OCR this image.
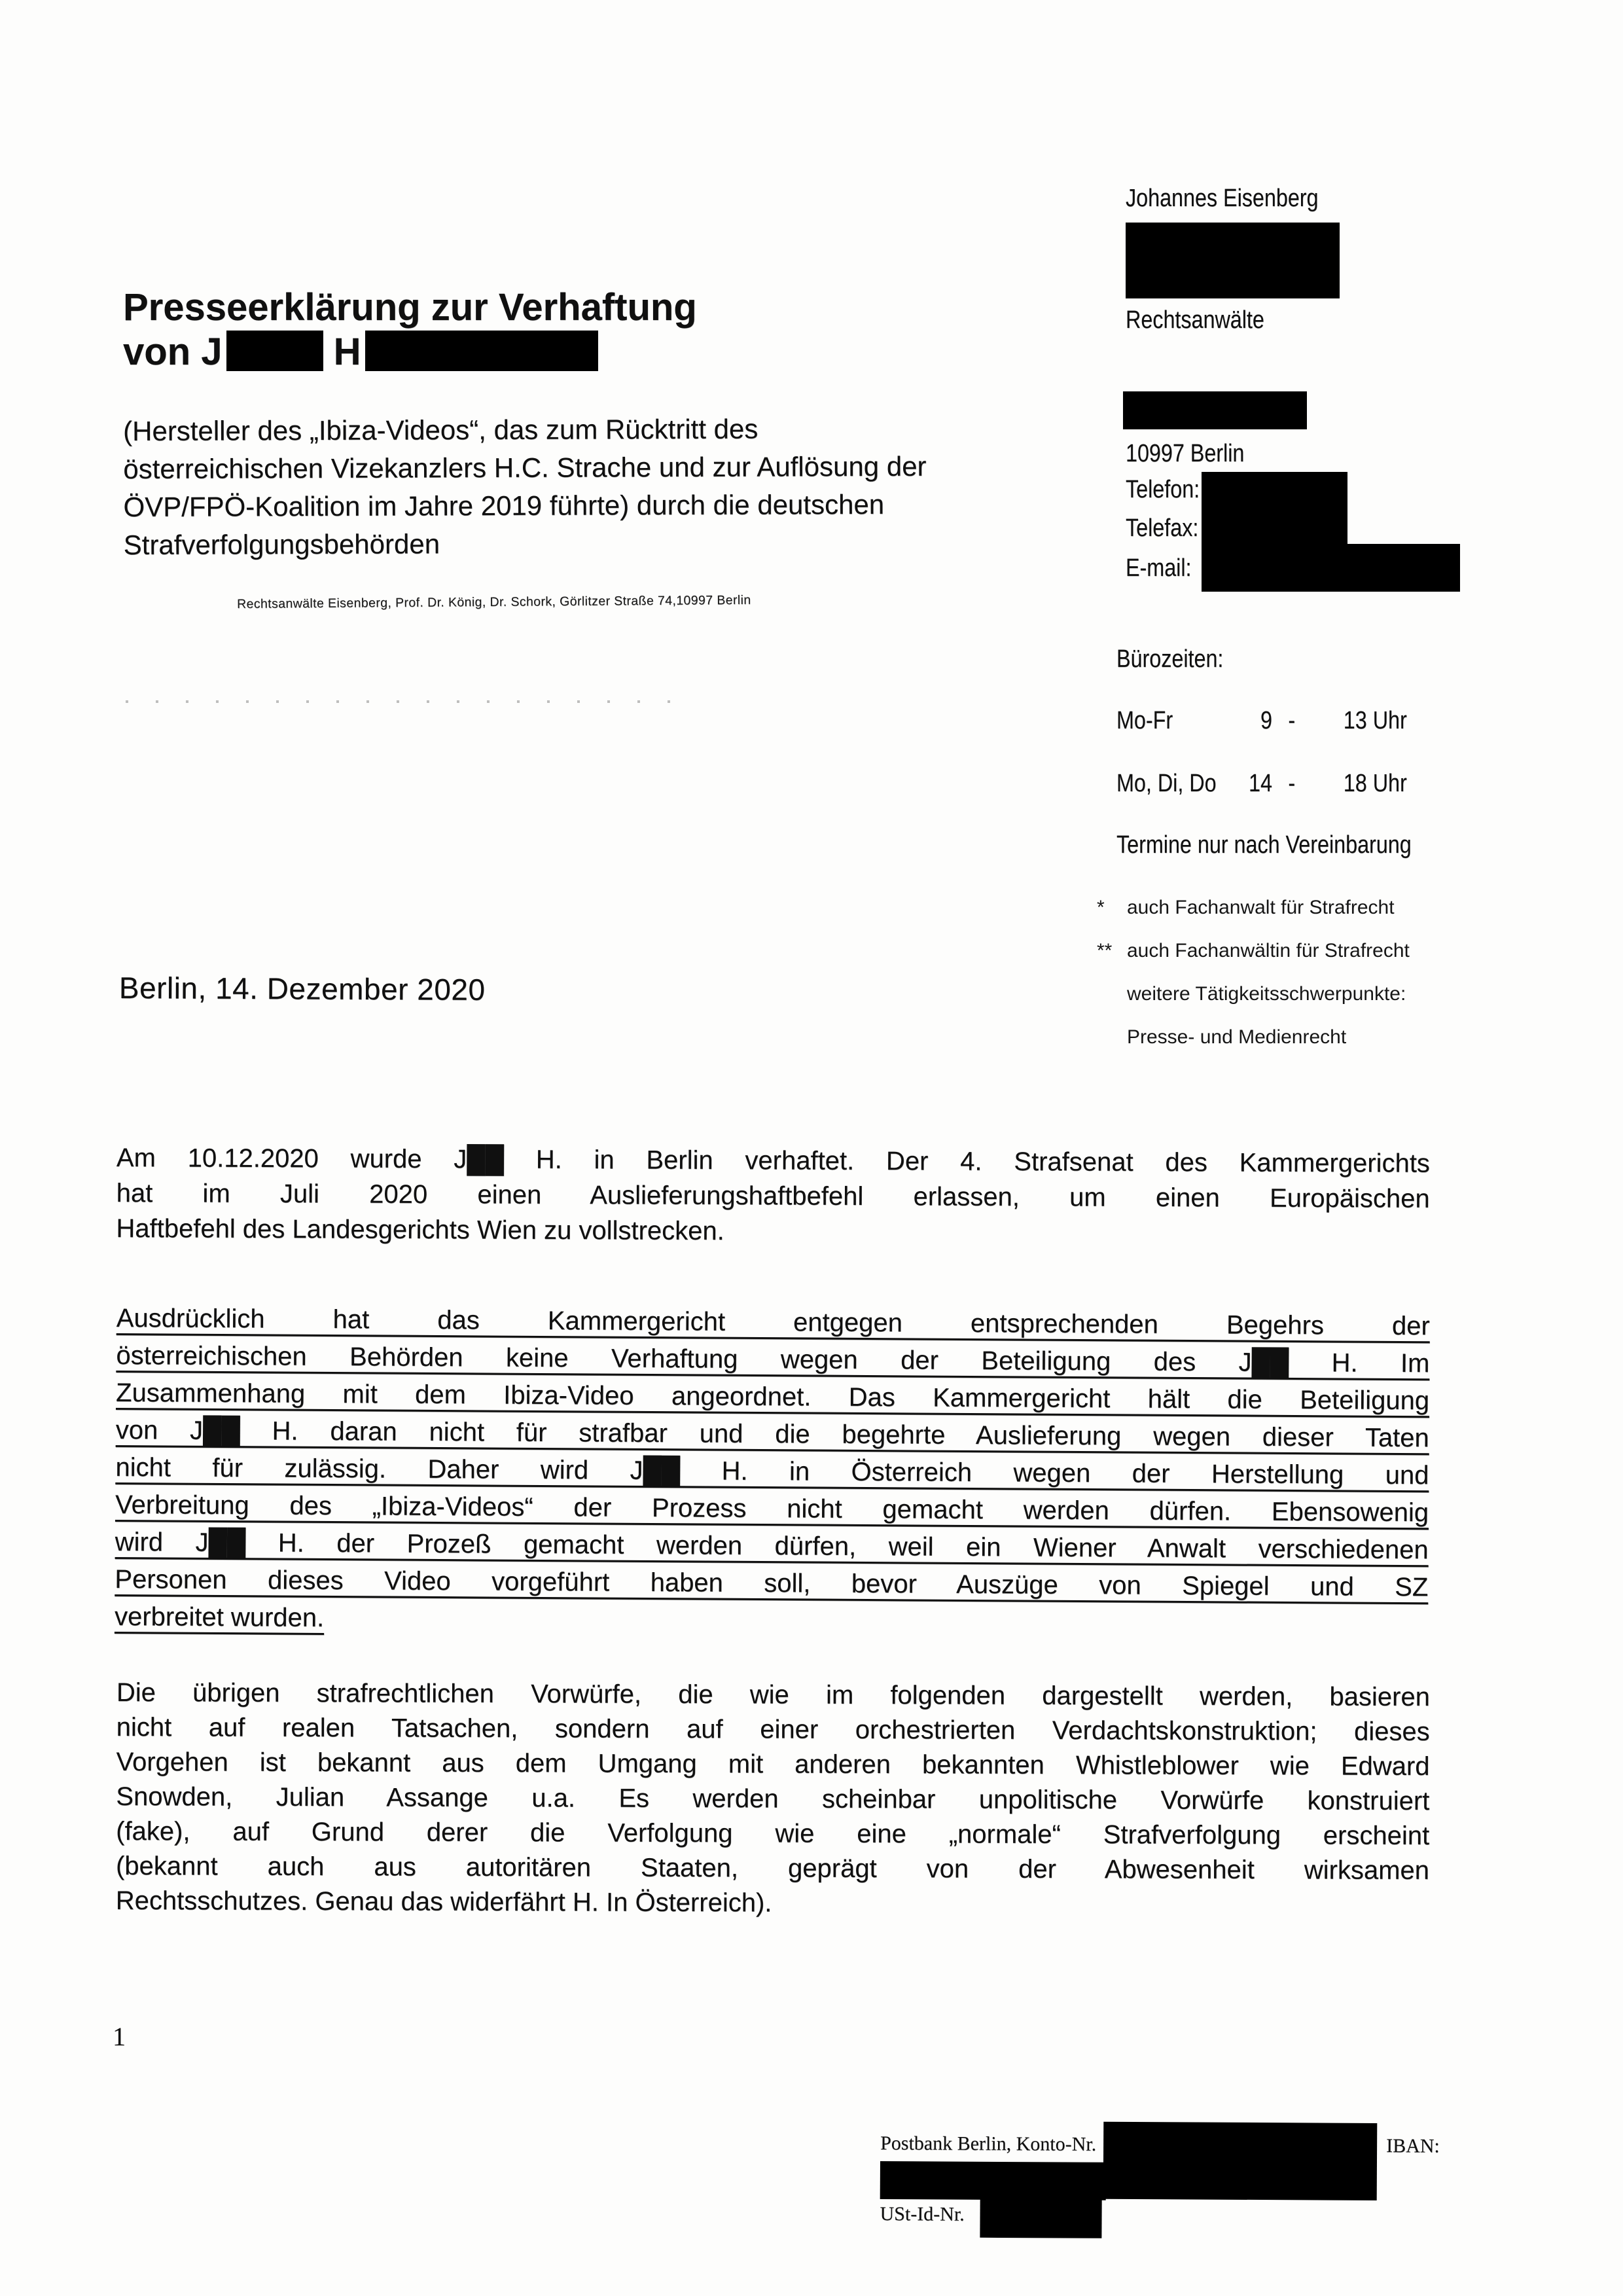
Johannes Eisenberg
Rechtsanwälte
10997 Berlin
Telefon:
Telefax:
E-mail:
Bürozeiten:
Mo-Fr	9 -	13 Uhr
Mo, Di, Do	14 -	18 Uhr
Termine nur nach Vereinbarung
* auch Fachanwalt für Strafrecht
** auch Fachanwältin für Strafrecht
weitere Tätigkeitsschwerpunkte:
Presse- und Medienrecht
Presseerklärung zur Verhaftung
von J	H
(Hersteller des „Ibiza-Videos“, das zum Rücktritt des
österreichischen Vizekanzlers H.C. Strache und zur Auflösung der
ÖVP/FPÖ-Koalition im Jahre 2019 führte) durch die deutschen
Strafverfolgungsbehörden
Rechtsanwälte Eisenberg, Prof. Dr. König, Dr. Schork, Görlitzer Straße 74,10997 Berlin
Berlin, 14. Dezember 2020
Am 10.12.2020 wurde J██ H. in Berlin verhaftet. Der 4. Strafsenat des Kammergerichts
hat im Juli 2020 einen Auslieferungshaftbefehl erlassen, um einen Europäischen
Haftbefehl des Landesgerichts Wien zu vollstrecken.
Ausdrücklich hat das Kammergericht entgegen entsprechenden Begehrs der
österreichischen Behörden keine Verhaftung wegen der Beteiligung des J██ H. Im
Zusammenhang mit dem Ibiza-Video angeordnet. Das Kammergericht hält die Beteiligung
von J██ H. daran nicht für strafbar und die begehrte Auslieferung wegen dieser Taten
nicht für zulässig. Daher wird J██ H. in Österreich wegen der Herstellung und
Verbreitung des „Ibiza-Videos“ der Prozess nicht gemacht werden dürfen. Ebensowenig
wird J██ H. der Prozeß gemacht werden dürfen, weil ein Wiener Anwalt verschiedenen
Personen dieses Video vorgeführt haben soll, bevor Auszüge von Spiegel und SZ
verbreitet wurden.
Die übrigen strafrechtlichen Vorwürfe, die wie im folgenden dargestellt werden, basieren
nicht auf realen Tatsachen, sondern auf einer orchestrierten Verdachtskonstruktion; dieses
Vorgehen ist bekannt aus dem Umgang mit anderen bekannten Whistleblower wie Edward
Snowden, Julian Assange u.a. Es werden scheinbar unpolitische Vorwürfe konstruiert
(fake), auf Grund derer die Verfolgung wie eine „normale“ Strafverfolgung erscheint
(bekannt auch aus autoritären Staaten, geprägt von der Abwesenheit wirksamen
Rechtsschutzes. Genau das widerfährt H. In Österreich).
1
Postbank Berlin, Konto-Nr.	IBAN:
USt-Id-Nr.
